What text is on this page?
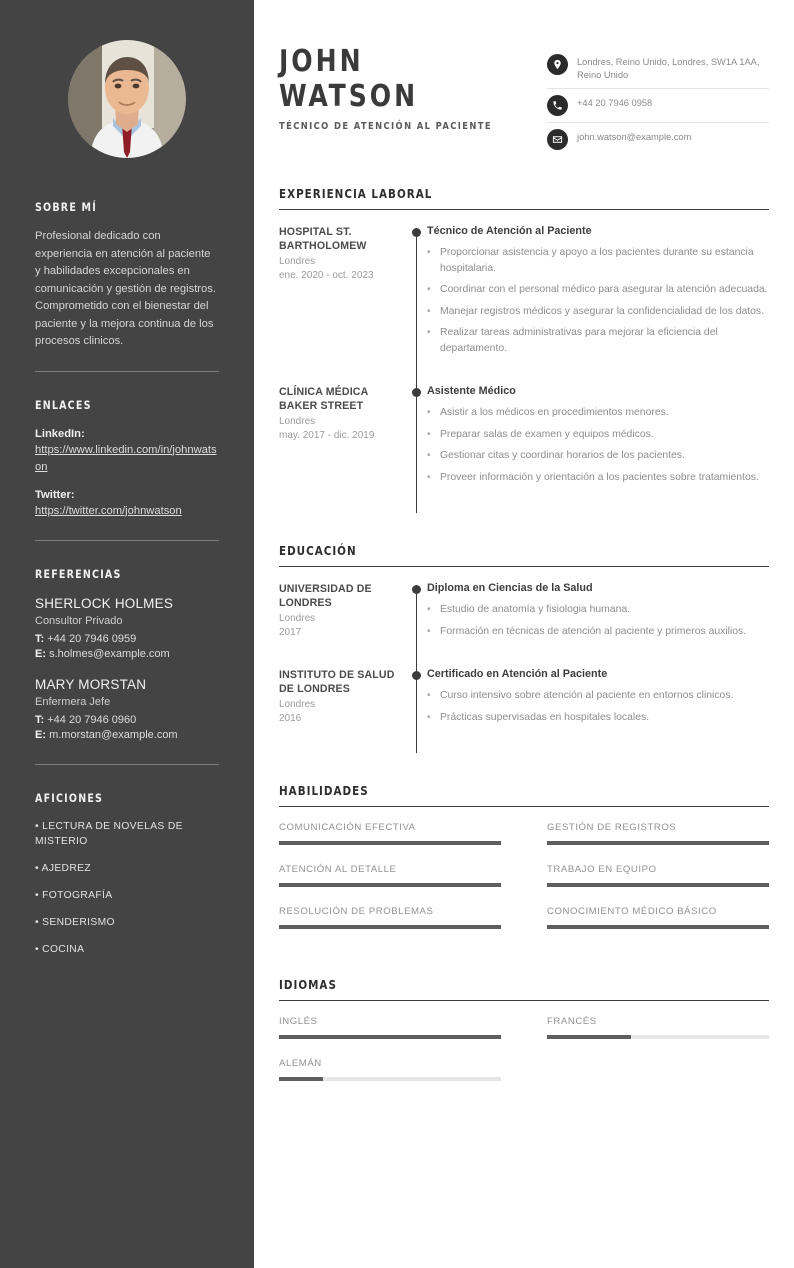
SOBRE MÍ

Profesional dedicado con experiencia en atención al paciente y habilidades excepcionales en comunicación y gestión de registros. Comprometido con el bienestar del paciente y la mejora continua de los procesos clinicos.

ENLACES
LinkedIn:
https://www.linkedin.com/in/johnwatson
Twitter:
https://twitter.com/johnwatson
REFERENCIAS
SHERLOCK HOLMES
Consultor Privado
T: +44 20 7946 0959
E: s.holmes@example.com
MARY MORSTAN
Enfermera Jefe
T: +44 20 7946 0960
E: m.morstan@example.com
AFICIONES
• LECTURA DE NOVELAS DE MISTERIO
• AJEDREZ
• FOTOGRAFÍA
• SENDERISMO
• COCINA
JOHN
WATSON
TÉCNICO DE ATENCIÓN AL PACIENTE
Londres, Reino Unido, Londres, SW1A 1AA, Reino Unido
+44 20 7946 0958
john.watson@example.com
EXPERIENCIA LABORAL
HOSPITAL ST. BARTHOLOMEW
Londres
ene. 2020 - oct. 2023
Técnico de Atención al Paciente
• Proporcionar asistencia y apoyo a los pacientes durante su estancia hospitalaria.
• Coordinar con el personal médico para asegurar la atención adecuada.
• Manejar registros médicos y asegurar la confidencialidad de los datos.
• Realizar tareas administrativas para mejorar la eficiencia del departamento.
CLÍNICA MÉDICA BAKER STREET
Londres
may. 2017 - dic. 2019
Asistente Médico
• Asistir a los médicos en procedimientos menores.
• Preparar salas de examen y equipos médicos.
• Gestionar citas y coordinar horarios de los pacientes.
• Proveer información y orientación a los pacientes sobre tratamientos.
EDUCACIÓN
UNIVERSIDAD DE LONDRES
Londres
2017
Diploma en Ciencias de la Salud
• Estudio de anatomía y fisiologia humana.
• Formación en técnicas de atención al paciente y primeros auxilios.
INSTITUTO DE SALUD DE LONDRES
Londres
2016
Certificado en Atención al Paciente
• Curso intensivo sobre atención al paciente en entornos clinicos.
• Prácticas supervisadas en hospitales locales.
HABILIDADES
COMUNICACIÓN EFECTIVA	GESTIÓN DE REGISTROS
ATENCIÓN AL DETALLE	TRABAJO EN EQUIPO
RESOLUCIÓN DE PROBLEMAS	CONOCIMIENTO MÉDICO BÁSICO
IDIOMAS
INGLÉS	FRANCÉS
ALEMÁN
